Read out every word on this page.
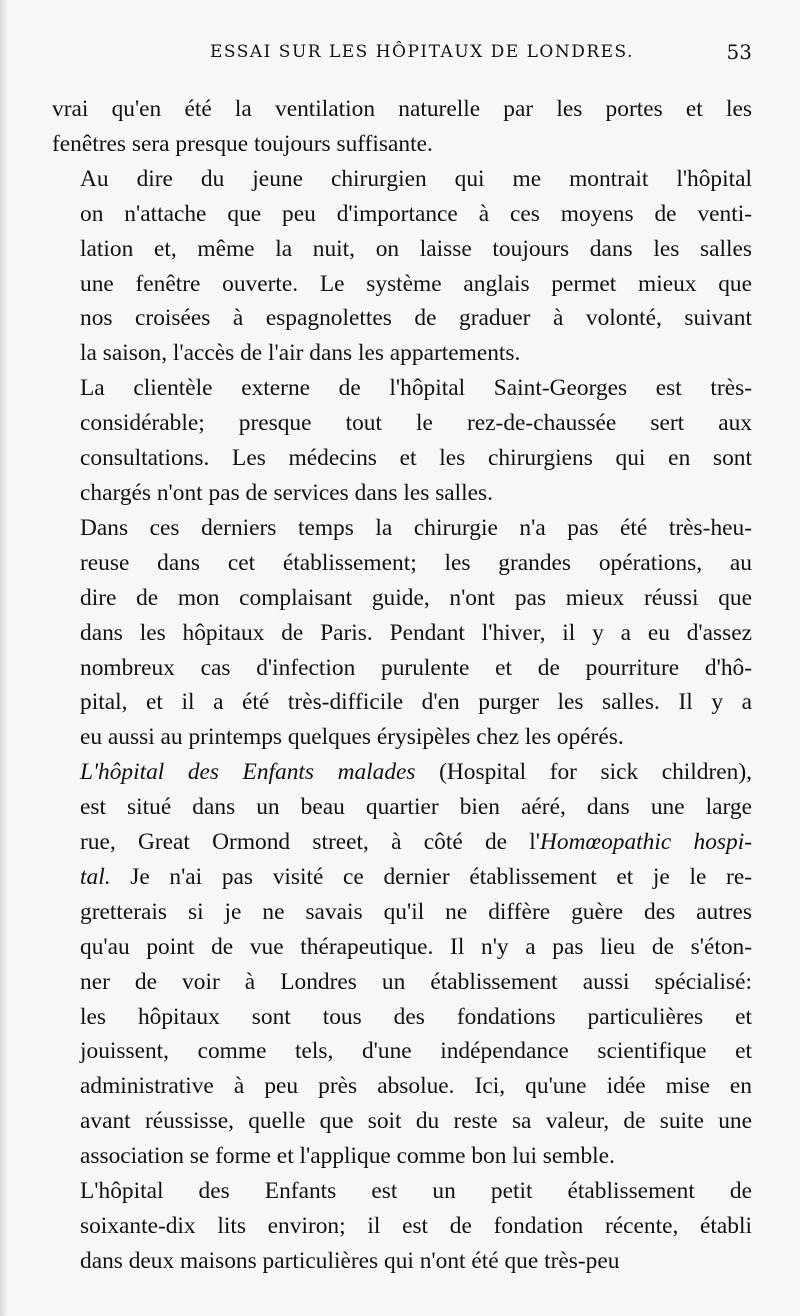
ESSAI SUR LES HÔPITAUX DE LONDRES.	53

vrai qu'en été la ventilation naturelle par les portes et les
fenêtres sera presque toujours suffisante.

Au dire du jeune chirurgien qui me montrait l'hôpital
on n'attache que peu d'importance à ces moyens de venti-
lation et, même la nuit, on laisse toujours dans les salles
une fenêtre ouverte. Le système anglais permet mieux que
nos croisées à espagnolettes de graduer à volonté, suivant
la saison, l'accès de l'air dans les appartements.

La clientèle externe de l'hôpital Saint-Georges est très-
considérable; presque tout le rez-de-chaussée sert aux
consultations. Les médecins et les chirurgiens qui en sont
chargés n'ont pas de services dans les salles.

Dans ces derniers temps la chirurgie n'a pas été très-heu-
reuse dans cet établissement; les grandes opérations, au
dire de mon complaisant guide, n'ont pas mieux réussi que
dans les hôpitaux de Paris. Pendant l'hiver, il y a eu d'assez
nombreux cas d'infection purulente et de pourriture d'hô-
pital, et il a été très-difficile d'en purger les salles. Il y a
eu aussi au printemps quelques érysipèles chez les opérés.

L'hôpital des Enfants malades (Hospital for sick children),
est situé dans un beau quartier bien aéré, dans une large
rue, Great Ormond street, à côté de l'Homœopathic hospi-
tal. Je n'ai pas visité ce dernier établissement et je le re-
gretterais si je ne savais qu'il ne diffère guère des autres
qu'au point de vue thérapeutique. Il n'y a pas lieu de s'éton-
ner de voir à Londres un établissement aussi spécialisé:
les hôpitaux sont tous des fondations particulières et
jouissent, comme tels, d'une indépendance scientifique et
administrative à peu près absolue. Ici, qu'une idée mise en
avant réussisse, quelle que soit du reste sa valeur, de suite une
association se forme et l'applique comme bon lui semble.

L'hôpital des Enfants est un petit établissement de
soixante-dix lits environ; il est de fondation récente, établi
dans deux maisons particulières qui n'ont été que très-peu
